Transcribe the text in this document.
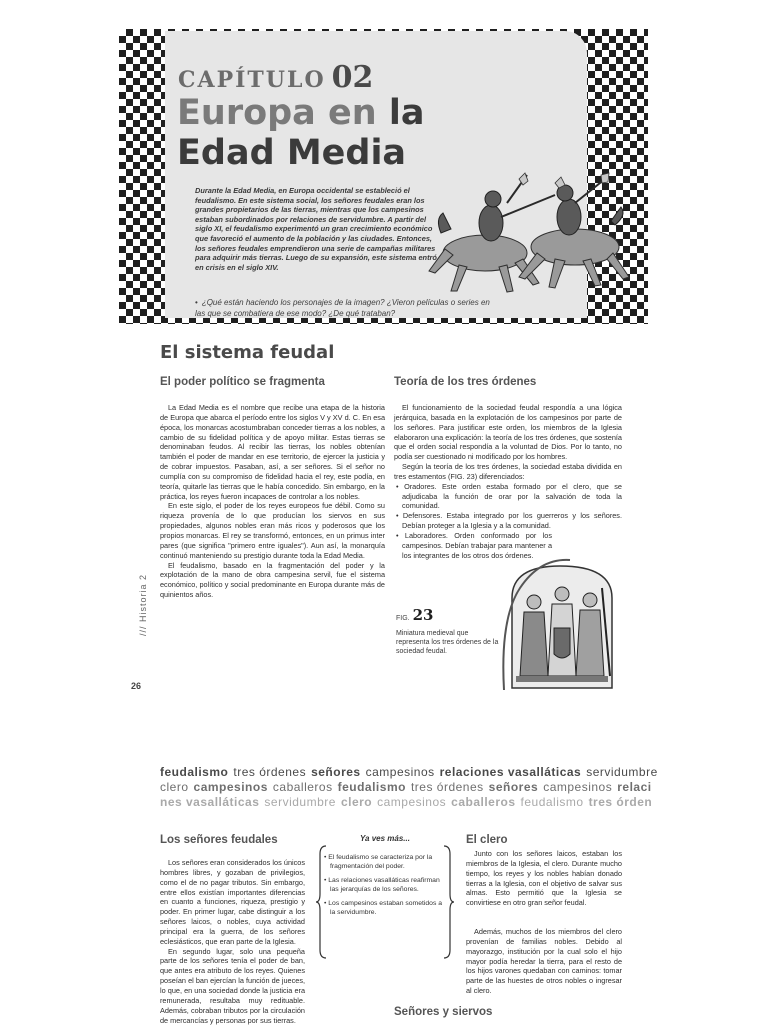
CAPÍTULO 02
Europa en la
Edad Media

Durante la Edad Media, en Europa occidental se estableció el feudalismo. En este sistema social, los señores feudales eran los grandes propietarios de las tierras, mientras que los campesinos estaban subordinados por relaciones de servidumbre. A partir del siglo XI, el feudalismo experimentó un gran crecimiento económico que favoreció el aumento de la población y las ciudades. Entonces, los señores feudales emprendieron una serie de campañas militares para adquirir más tierras. Luego de su expansión, este sistema entró en crisis en el siglo XIV.

• ¿Qué están haciendo los personajes de la imagen? ¿Vieron películas o series en las que se combatiera de ese modo? ¿De qué trataban?

El sistema feudal
El poder político se fragmenta

La Edad Media es el nombre que recibe una etapa de la historia de Europa que abarca el período entre los siglos V y XV d. C. En esa época, los monarcas acostumbraban conceder tierras a los nobles, a cambio de su fidelidad política y de apoyo militar. Estas tierras se denominaban feudos. Al recibir las tierras, los nobles obtenían también el poder de mandar en ese territorio, de ejercer la justicia y de cobrar impuestos. Pasaban, así, a ser señores. Si el señor no cumplía con su compromiso de fidelidad hacia el rey, este podía, en teoría, quitarle las tierras que le había concedido. Sin embargo, en la práctica, los reyes fueron incapaces de controlar a los nobles.

En este siglo, el poder de los reyes europeos fue débil. Como su riqueza provenía de lo que producían los siervos en sus propiedades, algunos nobles eran más ricos y poderosos que los propios monarcas. El rey se transformó, entonces, en un primus inter pares (que significa "primero entre iguales"). Aun así, la monarquía continuó manteniendo su prestigio durante toda la Edad Media.

El feudalismo, basado en la fragmentación del poder y la explotación de la mano de obra campesina servil, fue el sistema económico, político y social predominante en Europa durante más de quinientos años.

Teoría de los tres órdenes

El funcionamiento de la sociedad feudal respondía a una lógica jerárquica, basada en la explotación de los campesinos por parte de los señores. Para justificar este orden, los miembros de la Iglesia elaboraron una explicación: la teoría de los tres órdenes, que sostenía que el orden social respondía a la voluntad de Dios. Por lo tanto, no podía ser cuestionado ni modificado por los hombres.

Según la teoría de los tres órdenes, la sociedad estaba dividida en tres estamentos (FIG. 23) diferenciados:

• Oradores. Este orden estaba formado por el clero, que se adjudicaba la función de orar por la salvación de toda la comunidad.
• Defensores. Estaba integrado por los guerreros y los señores. Debían proteger a la Iglesia y a la comunidad.
• Laboradores. Orden conformado por los campesinos. Debían trabajar para mantener a los integrantes de los otros dos órdenes.
FIG. 23

Miniatura medieval que representa los tres órdenes de la sociedad feudal.

/// Historia 2
26
feudalismo tres órdenes señores campesinos relaciones vasalláticas servidumbre
clero campesinos caballeros feudalismo tres órdenes señores campesinos relaci
nes vasalláticas servidumbre clero campesinos caballeros feudalismo tres órden
Los señores feudales

Los señores eran considerados los únicos hombres libres, y gozaban de privilegios, como el de no pagar tributos. Sin embargo, entre ellos existían importantes diferencias en cuanto a funciones, riqueza, prestigio y poder. En primer lugar, cabe distinguir a los señores laicos, o nobles, cuya actividad principal era la guerra, de los señores eclesiásticos, que eran parte de la Iglesia.

En segundo lugar, solo una pequeña parte de los señores tenía el poder de ban, que antes era atributo de los reyes. Quienes poseían el ban ejercían la función de jueces, lo que, en una sociedad donde la justicia era remunerada, resultaba muy redituable. Además, cobraban tributos por la circulación de mercancías y personas por sus tierras.

Ya ves más...
• El feudalismo se caracteriza por la fragmentación del poder.
• Las relaciones vasalláticas reafirman las jerarquías de los señores.
• Los campesinos estaban sometidos a la servidumbre.
El clero

Junto con los señores laicos, estaban los miembros de la Iglesia, el clero. Durante mucho tiempo, los reyes y los nobles habían donado tierras a la Iglesia, con el objetivo de salvar sus almas. Esto permitió que la Iglesia se convirtiese en otro gran señor feudal.

Además, muchos de los miembros del clero provenían de familias nobles. Debido al mayorazgo, institución por la cual solo el hijo mayor podía heredar la tierra, para el resto de los hijos varones quedaban con caminos: tomar parte de las huestes de otros nobles o ingresar al clero.

Señores y siervos
